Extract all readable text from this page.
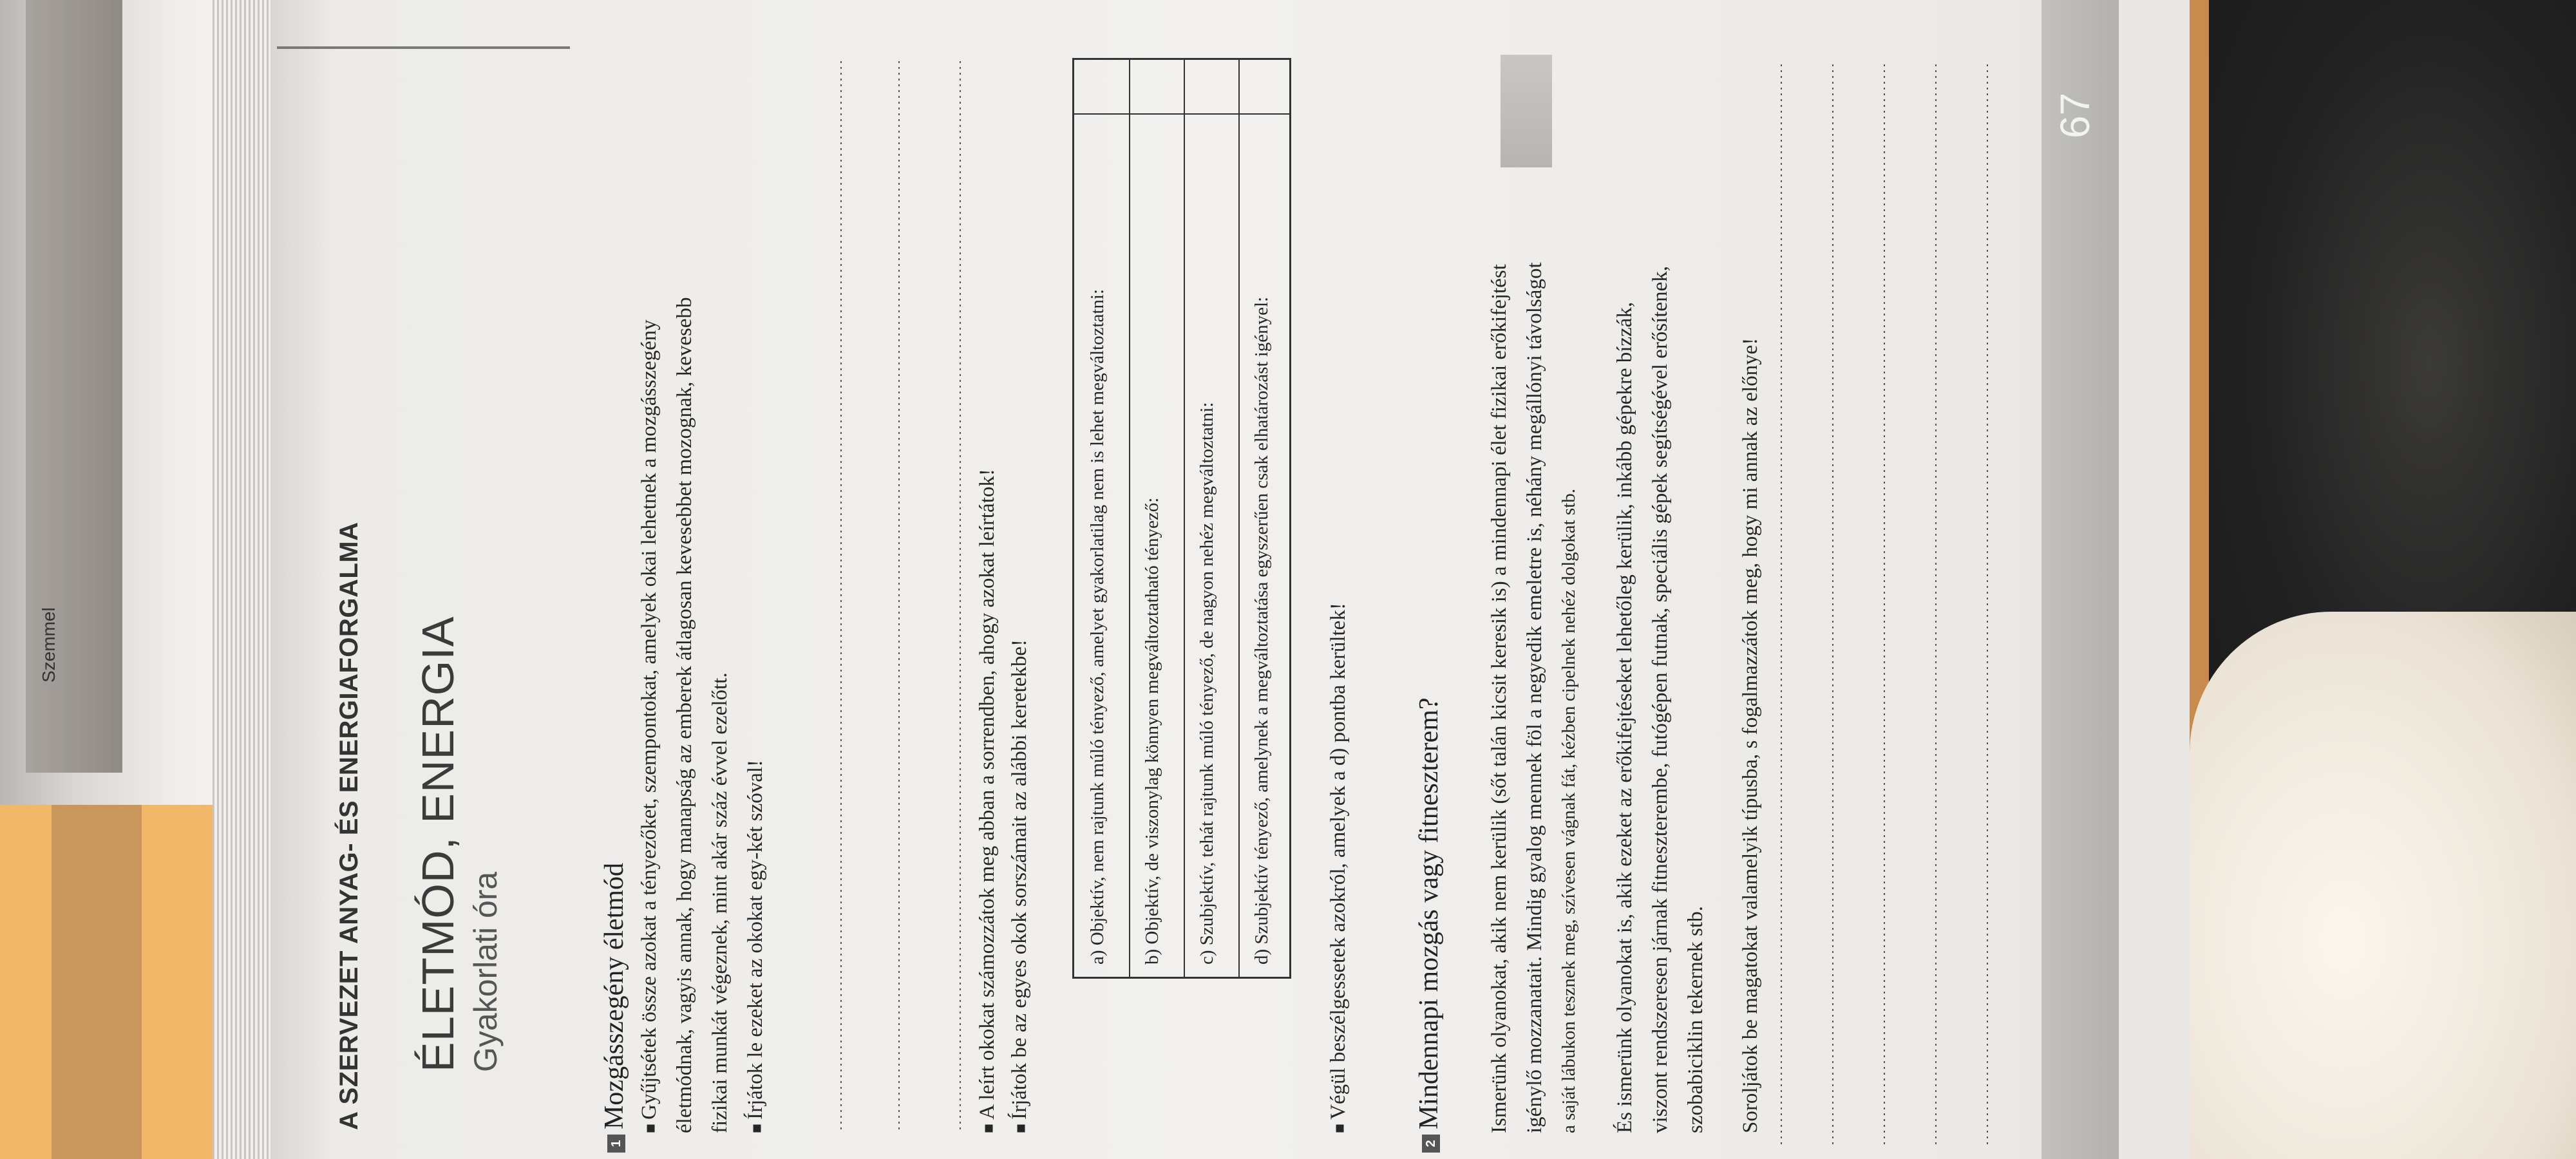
Szemmel
67
A SZERVEZET ANYAG- ÉS ENERGIAFORGALMA ÉLETMÓD, ENERGIA Gyakorlati óra
1Mozgásszegény életmód ■ Gyűjtsétek össze azokat a tényezőket, szempontokat, amelyek okai lehetnek a mozgásszegény életmódnak, vagyis annak, hogy manapság az emberek átlagosan kevesebbet mozognak, kevesebb fizikai munkát végeznek, mint akár száz évvel ezelőtt. ■ Írjátok le ezeket az okokat egy-két szóval!	■ A leírt okokat számozzátok meg abban a sorrendben, ahogy azokat leírtátok! ■ Írjátok be az egyes okok sorszámait az alábbi keretekbe!	a) Objektív, nem rajtunk múló tényező, amelyet gyakorlatilag nem is lehet megváltoztatni: b) Objektív, de viszonylag könnyen megváltoztatható tényező: c) Szubjektív, tehát rajtunk múló tényező, de nagyon nehéz megváltoztatni: d) Szubjektív tényező, amelynek a megváltoztatása egyszerűen csak elhatározást igényel:	■ Végül beszélgessetek azokról, amelyek a d) pontba kerültek!
2Mindennapi mozgás vagy fitneszterem? Ismerünk olyanokat, akik nem kerülik (sőt talán kicsit keresik is) a mindennapi élet fizikai erőkifejtést igénylő mozzanatait. Mindig gyalog mennek föl a negyedik emeletre is, néhány megállónyi távolságot a saját lábukon tesznek meg, szívesen vágnak fát, kézben cipelnek nehéz dolgokat stb. És ismerünk olyanokat is, akik ezeket az erőkifejtéseket lehetőleg kerülik, inkább gépekre bízzák, viszont rendszeresen járnak fitneszterembe, futógépen futnak, speciális gépek segítségével erősítenek, szobabiciklin tekernek stb. Soroljátok be magatokat valamelyik típusba, s fogalmazzátok meg, hogy mi annak az előnye!
